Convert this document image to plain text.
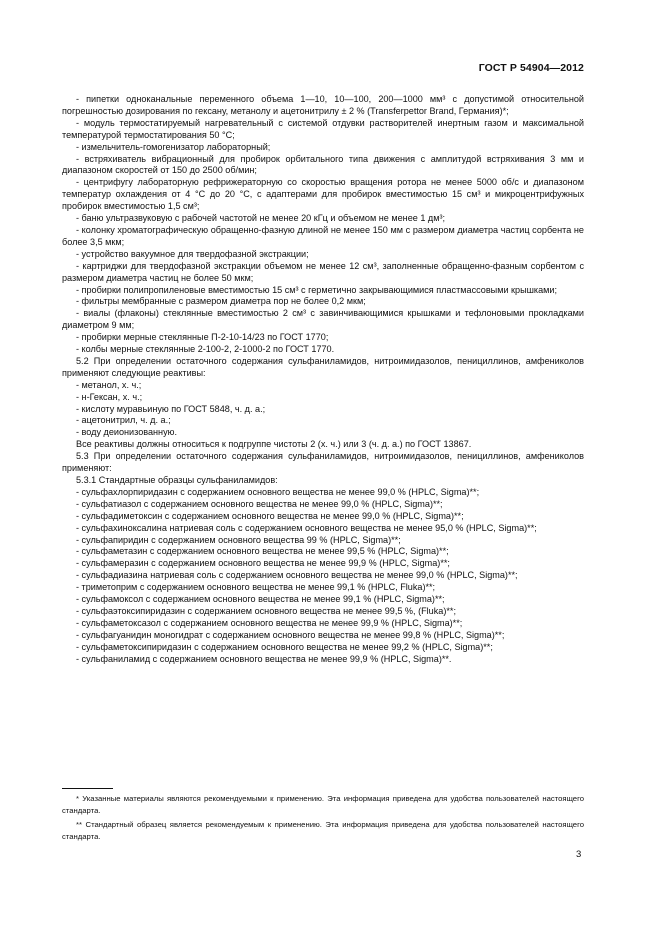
ГОСТ Р 54904—2012

- пипетки одноканальные переменного объема 1—10, 10—100, 200—1000 мм³ с допустимой относительной погрешностью дозирования по гексану, метанолу и ацетонитрилу ± 2 % (Transferpettor Brand, Германия)*;

- модуль термостатируемый нагревательный с системой отдувки растворителей инертным газом и максимальной температурой термостатирования 50 °С;

- измельчитель-гомогенизатор лабораторный;

- встряхиватель вибрационный для пробирок орбитального типа движения с амплитудой встряхивания 3 мм и диапазоном скоростей от 150 до 2500 об/мин;

- центрифугу лабораторную рефрижераторную со скоростью вращения ротора не менее 5000 об/с и диапазоном температур охлаждения от 4 °С до 20 °С, с адаптерами для пробирок вместимостью 15 см³ и микроцентрифужных пробирок вместимостью 1,5 см³;

- баню ультразвуковую с рабочей частотой не менее 20 кГц и объемом не менее 1 дм³;

- колонку хроматографическую обращенно-фазную длиной не менее 150 мм с размером диаметра частиц сорбента не более 3,5 мкм;

- устройство вакуумное для твердофазной экстракции;

- картриджи для твердофазной экстракции объемом не менее 12 см³, заполненные обращенно-фазным сорбентом с размером диаметра частиц не более 50 мкм;

- пробирки полипропиленовые вместимостью 15 см³ с герметично закрывающимися пластмассовыми крышками;

- фильтры мембранные с размером диаметра пор не более 0,2 мкм;

- виалы (флаконы) стеклянные вместимостью 2 см³ с завинчивающимися крышками и тефлоновыми прокладками диаметром 9 мм;

- пробирки мерные стеклянные П-2-10-14/23 по ГОСТ 1770;

- колбы мерные стеклянные 2-100-2, 2-1000-2 по ГОСТ 1770.

5.2 При определении остаточного содержания сульфаниламидов, нитроимидазолов, пенициллинов, амфениколов применяют следующие реактивы:

- метанол, х. ч.;

- н-Гексан, х. ч.;

- кислоту муравьиную по ГОСТ 5848, ч. д. а.;

- ацетонитрил, ч. д. а.;

- воду деионизованную.

Все реактивы должны относиться к подгруппе чистоты 2 (х. ч.) или 3 (ч. д. а.) по ГОСТ 13867.

5.3 При определении остаточного содержания сульфаниламидов, нитроимидазолов, пенициллинов, амфениколов применяют:

5.3.1 Стандартные образцы сульфаниламидов:

- сульфахлорпиридазин с содержанием основного вещества не менее 99,0 % (HPLC, Sigma)**;

- сульфатиазол с содержанием основного вещества не менее 99,0 % (HPLC, Sigma)**;

- сульфадиметоксин с содержанием основного вещества не менее 99,0 % (HPLC, Sigma)**;

- сульфахиноксалина натриевая соль с содержанием основного вещества не менее 95,0 % (HPLC, Sigma)**;

- сульфапиридин с содержанием основного вещества 99 % (HPLC, Sigma)**;

- сульфаметазин с содержанием основного вещества не менее 99,5 % (HPLC, Sigma)**;

- сульфамеразин с содержанием основного вещества не менее 99,9 % (HPLC, Sigma)**;

- сульфадиазина натриевая соль с содержанием основного вещества не менее 99,0 % (HPLC, Sigma)**;

- триметоприм с содержанием основного вещества не менее 99,1 % (HPLC, Fluka)**;

- сульфамоксол с содержанием основного вещества не менее 99,1 % (HPLC, Sigma)**;

- сульфаэтоксипиридазин с содержанием основного вещества не менее 99,5 %, (Fluka)**;

- сульфаметоксазол с содержанием основного вещества не менее 99,9 % (HPLC, Sigma)**;

- сульфагуанидин моногидрат с содержанием основного вещества не менее 99,8 % (HPLC, Sigma)**;

- сульфаметоксипиридазин с содержанием основного вещества не менее 99,2 % (HPLC, Sigma)**;

- сульфаниламид с содержанием основного вещества не менее 99,9 % (HPLC, Sigma)**.

* Указанные материалы являются рекомендуемыми к применению. Эта информация приведена для удобства пользователей настоящего стандарта.

** Стандартный образец является рекомендуемым к применению. Эта информация приведена для удобства пользователей настоящего стандарта.

3
